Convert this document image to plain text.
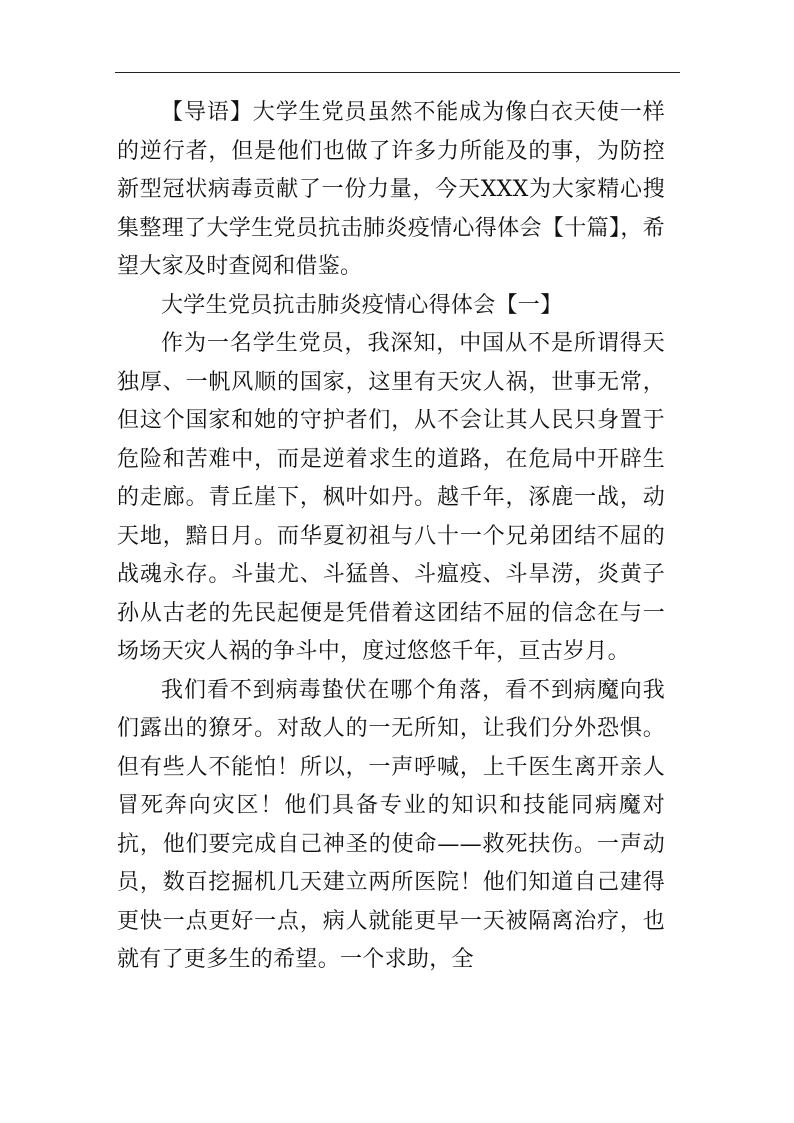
【导语】大学生党员虽然不能成为像白衣天使一样的逆行者，但是他们也做了许多力所能及的事，为防控新型冠状病毒贡献了一份力量，今天XXX为大家精心搜集整理了大学生党员抗击肺炎疫情心得体会【十篇】，希望大家及时查阅和借鉴。

大学生党员抗击肺炎疫情心得体会【一】

作为一名学生党员，我深知，中国从不是所谓得天独厚、一帆风顺的国家，这里有天灾人祸，世事无常，但这个国家和她的守护者们，从不会让其人民只身置于危险和苦难中，而是逆着求生的道路，在危局中开辟生的走廊。青丘崖下，枫叶如丹。越千年，涿鹿一战，动天地，黯日月。而华夏初祖与八十一个兄弟团结不屈的战魂永存。斗蚩尤、斗猛兽、斗瘟疫、斗旱涝，炎黄子孙从古老的先民起便是凭借着这团结不屈的信念在与一场场天灾人祸的争斗中，度过悠悠千年，亘古岁月。

我们看不到病毒蛰伏在哪个角落，看不到病魔向我们露出的獠牙。对敌人的一无所知，让我们分外恐惧。但有些人不能怕！所以，一声呼喊，上千医生离开亲人冒死奔向灾区！他们具备专业的知识和技能同病魔对抗，他们要完成自己神圣的使命——救死扶伤。一声动员，数百挖掘机几天建立两所医院！他们知道自己建得更快一点更好一点，病人就能更早一天被隔离治疗，也就有了更多生的希望。一个求助，全
